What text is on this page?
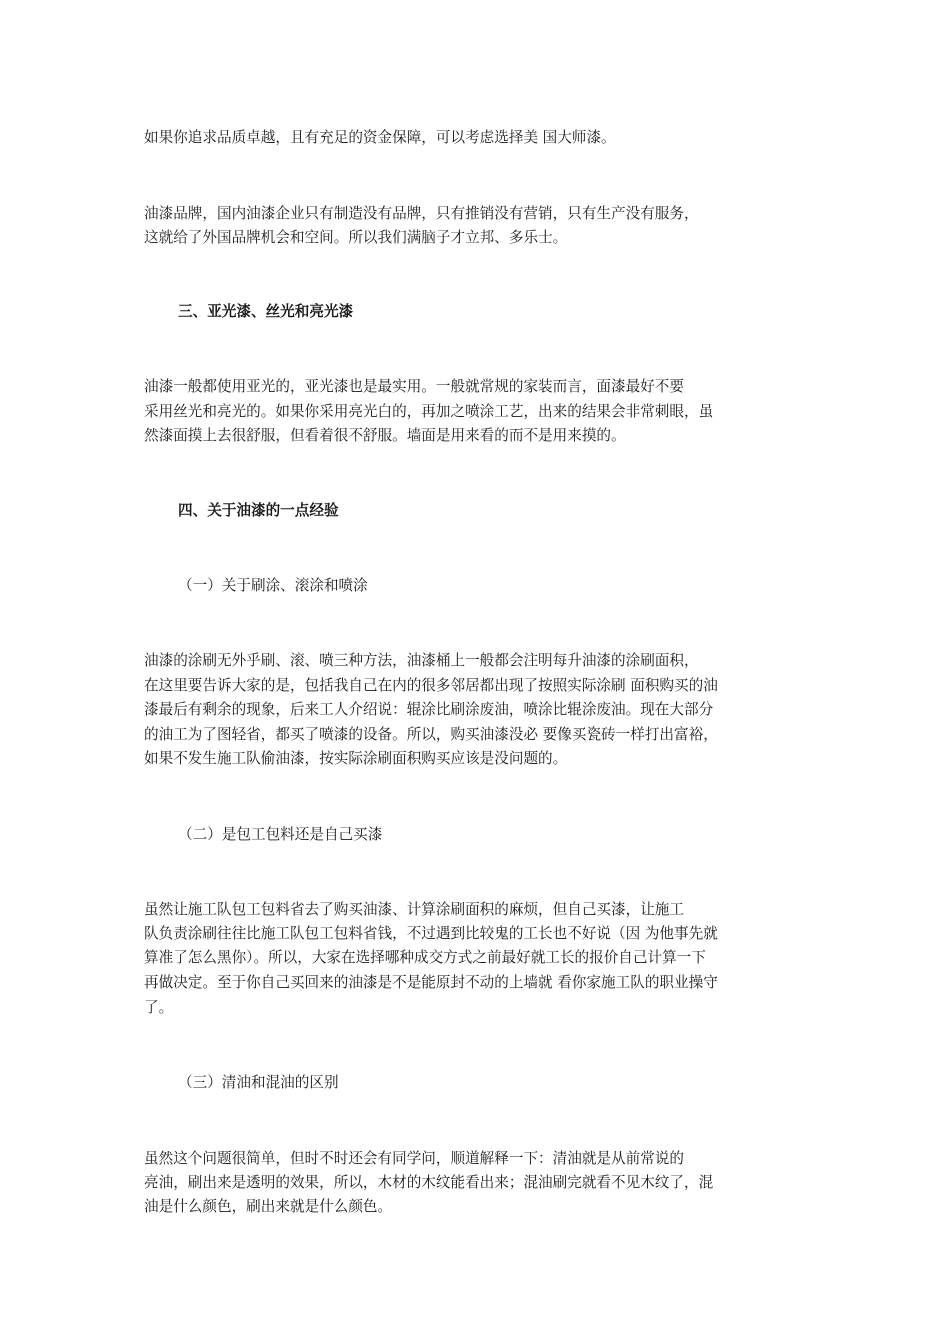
如果你追求品质卓越，且有充足的资金保障，可以考虑选择美 国大师漆。

油漆品牌，国内油漆企业只有制造没有品牌，只有推销没有营销，只有生产没有服务，

这就给了外国品牌机会和空间。所以我们满脑子才立邦、多乐士。

三、亚光漆、丝光和亮光漆

油漆一般都使用亚光的，亚光漆也是最实用。一般就常规的家装而言，面漆最好不要

采用丝光和亮光的。如果你采用亮光白的，再加之喷涂工艺，出来的结果会非常刺眼，虽

然漆面摸上去很舒服，但看着很不舒服。墙面是用来看的而不是用来摸的。

四、关于油漆的一点经验

（一）关于刷涂、滚涂和喷涂

油漆的涂刷无外乎刷、滚、喷三种方法，油漆桶上一般都会注明每升油漆的涂刷面积，

在这里要告诉大家的是，包括我自己在内的很多邻居都出现了按照实际涂刷 面积购买的油

漆最后有剩余的现象，后来工人介绍说：辊涂比刷涂废油，喷涂比辊涂废油。现在大部分

的油工为了图轻省，都买了喷漆的设备。所以，购买油漆没必 要像买瓷砖一样打出富裕，

如果不发生施工队偷油漆，按实际涂刷面积购买应该是没问题的。

（二）是包工包料还是自己买漆

虽然让施工队包工包料省去了购买油漆、计算涂刷面积的麻烦，但自己买漆，让施工

队负责涂刷往往比施工队包工包料省钱，不过遇到比较鬼的工长也不好说（因 为他事先就

算准了怎么黑你）。所以，大家在选择哪种成交方式之前最好就工长的报价自己计算一下

再做决定。至于你自己买回来的油漆是不是能原封不动的上墙就 看你家施工队的职业操守

了。

（三）清油和混油的区别

虽然这个问题很简单，但时不时还会有同学问，顺道解释一下：清油就是从前常说的

亮油，刷出来是透明的效果，所以，木材的木纹能看出来；混油刷完就看不见木纹了，混

油是什么颜色，刷出来就是什么颜色。
